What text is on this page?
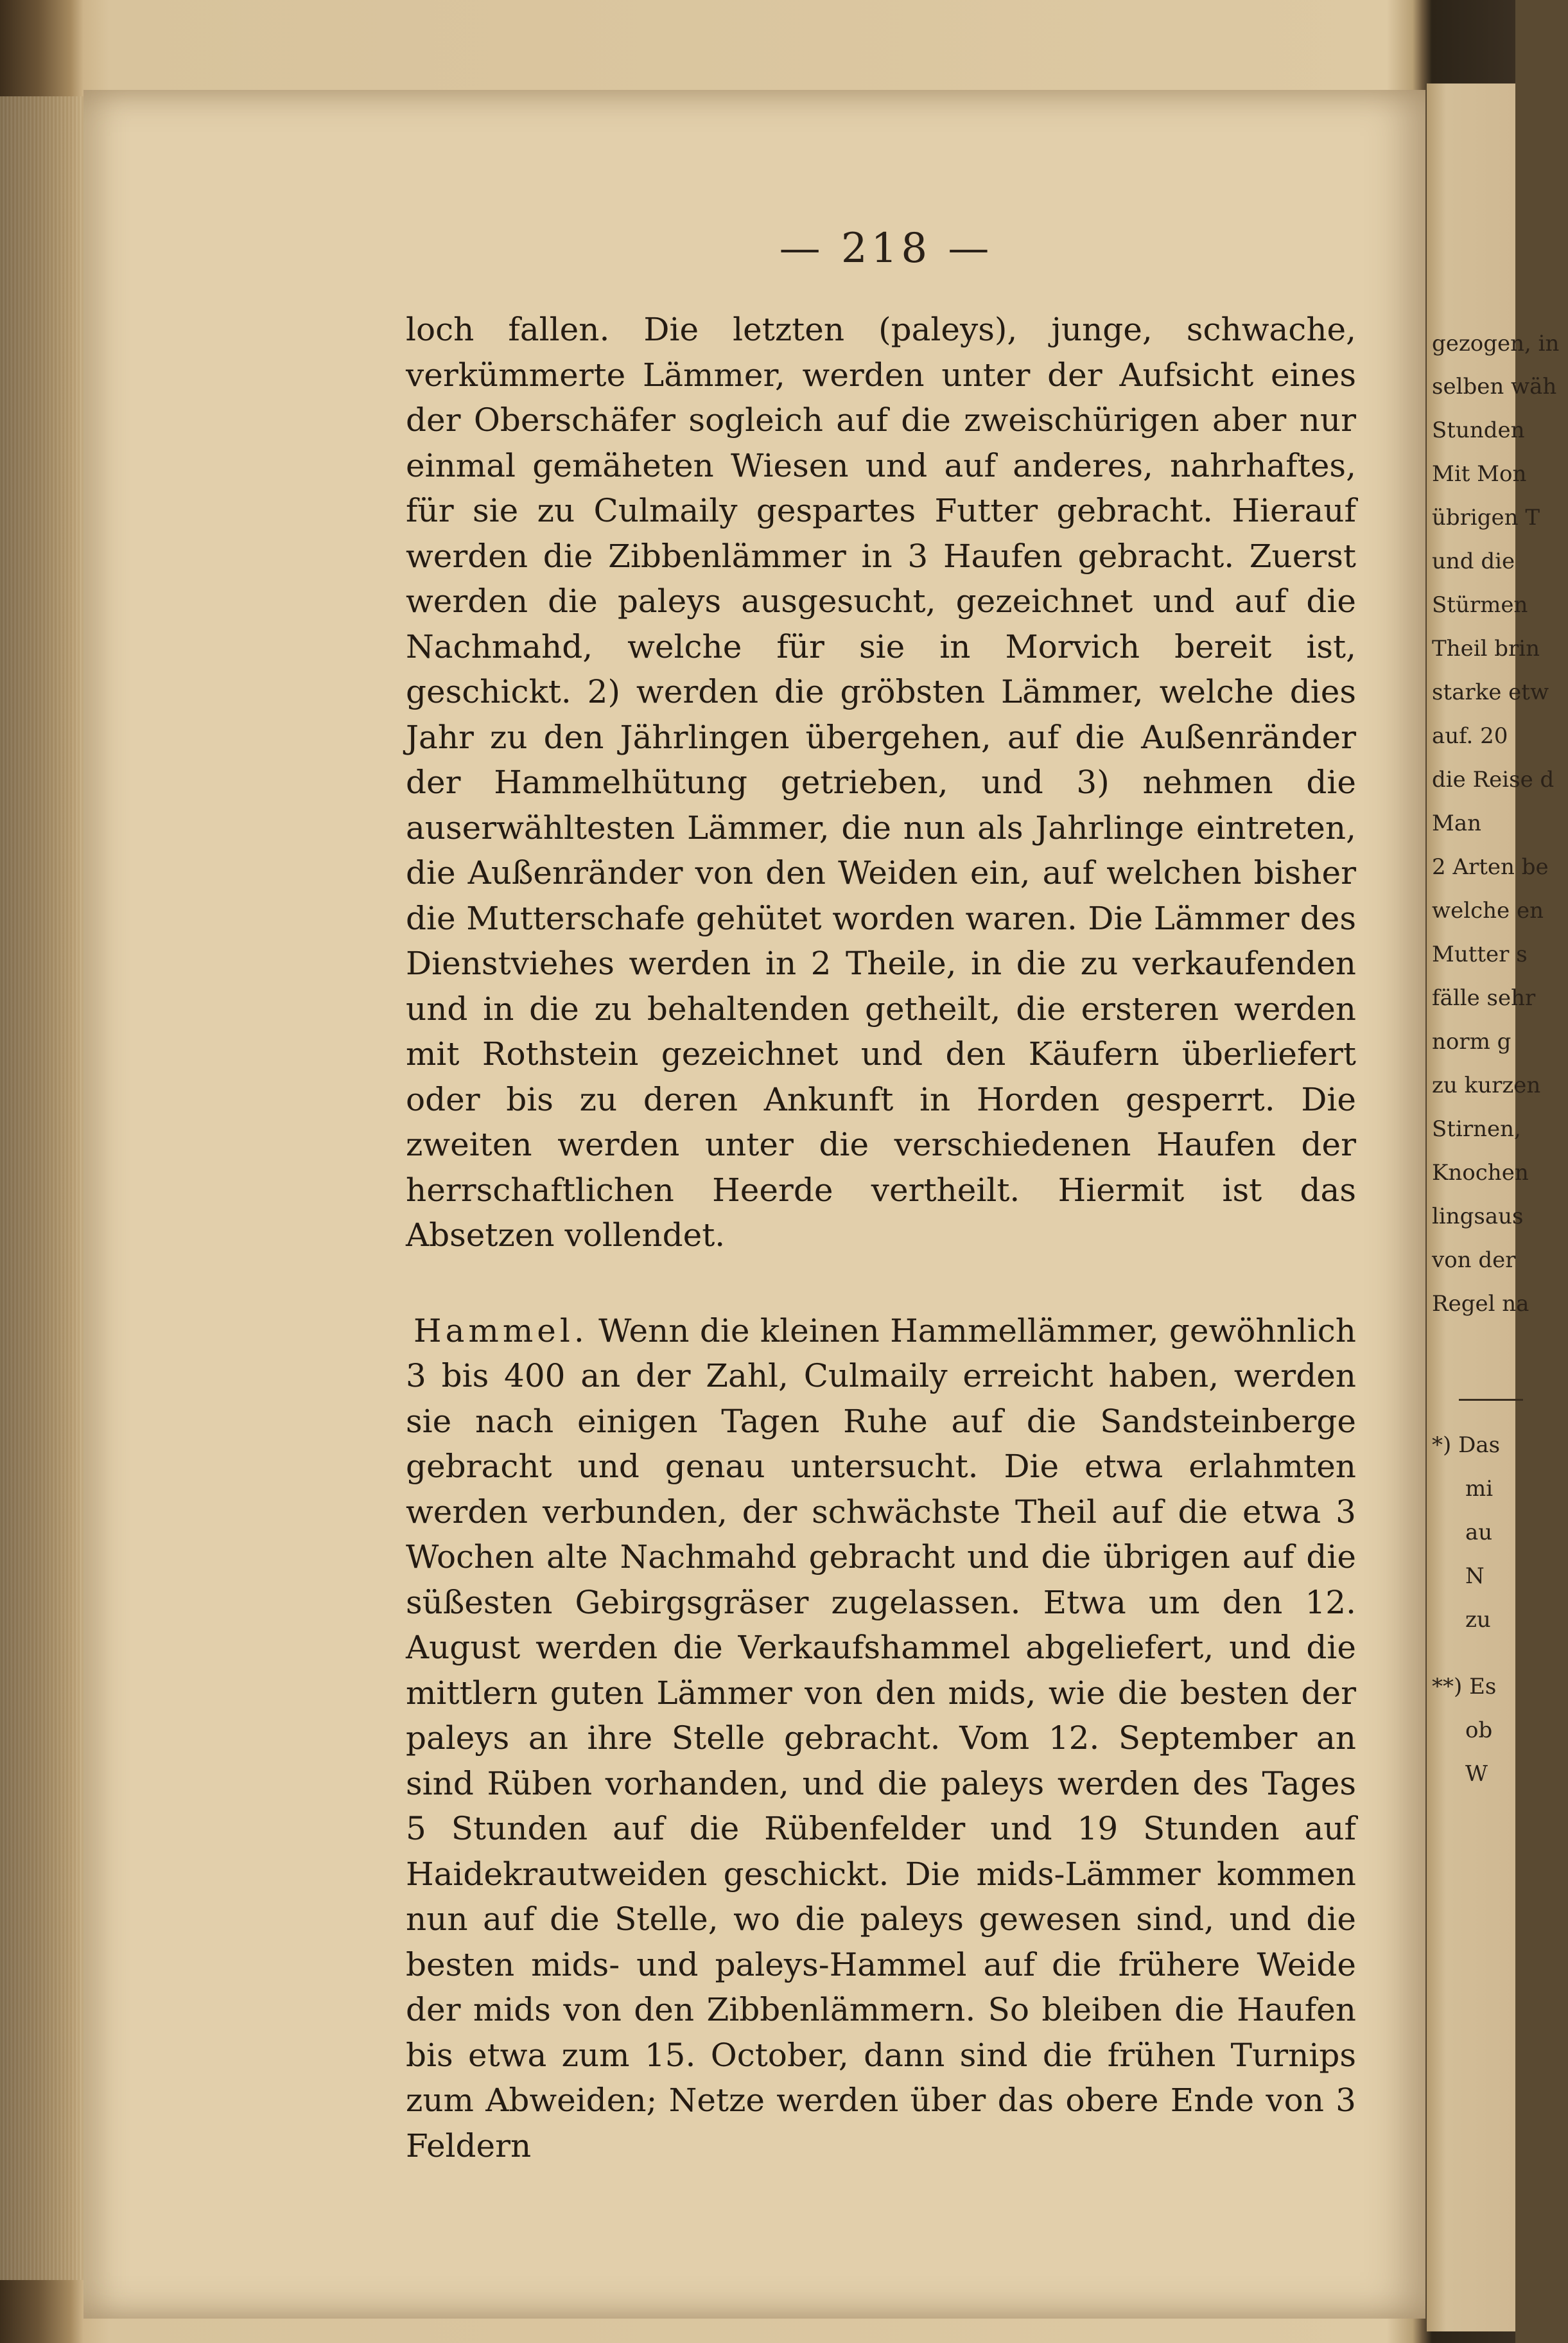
— 218 —

loch fallen. Die letzten (paleys), junge, schwache, verkümmerte Lämmer, werden unter der Aufsicht eines der Oberschäfer sogleich auf die zweischürigen aber nur einmal gemäheten Wiesen und auf anderes, nahrhaftes, für sie zu Culmaily gespartes Futter gebracht. Hierauf werden die Zibbenlämmer in 3 Haufen gebracht. Zuerst werden die paleys ausgesucht, gezeichnet und auf die Nachmahd, welche für sie in Morvich bereit ist, geschickt. 2) werden die gröbsten Lämmer, welche dies Jahr zu den Jährlingen übergehen, auf die Außenränder der Hammelhütung getrieben, und 3) nehmen die auserwähltesten Lämmer, die nun als Jahrlinge eintreten, die Außenränder von den Weiden ein, auf welchen bisher die Mutterschafe gehütet worden waren. Die Lämmer des Dienstviehes werden in 2 Theile, in die zu verkaufenden und in die zu behaltenden getheilt, die ersteren werden mit Rothstein gezeichnet und den Käufern überliefert oder bis zu deren Ankunft in Horden gesperrt. Die zweiten werden unter die verschiedenen Haufen der herrschaftlichen Heerde vertheilt. Hiermit ist das Absetzen vollendet.

Hammel. Wenn die kleinen Hammellämmer, gewöhnlich 3 bis 400 an der Zahl, Culmaily erreicht haben, werden sie nach einigen Tagen Ruhe auf die Sandsteinberge gebracht und genau untersucht. Die etwa erlahmten werden verbunden, der schwächste Theil auf die etwa 3 Wochen alte Nachmahd gebracht und die übrigen auf die süßesten Gebirgsgräser zugelassen. Etwa um den 12. August werden die Verkaufshammel abgeliefert, und die mittlern guten Lämmer von den mids, wie die besten der paleys an ihre Stelle gebracht. Vom 12. September an sind Rüben vorhanden, und die paleys werden des Tages 5 Stunden auf die Rübenfelder und 19 Stunden auf Haidekrautweiden geschickt. Die mids-Lämmer kommen nun auf die Stelle, wo die paleys gewesen sind, und die besten mids- und paleys-Hammel auf die frühere Weide der mids von den Zibbenlämmern. So bleiben die Haufen bis etwa zum 15. October, dann sind die frühen Turnips zum Abweiden; Netze werden über das obere Ende von 3 Feldern

gezogen, in
selben wäh
Stunden
Mit Mon
übrigen T
und die
Stürmen
Theil brin
starke etw
auf. 20
die Reise d
Man
2 Arten be
welche en
Mutter s
fälle sehr
norm g
zu kurzen
Stirnen,
Knochen
lingsaus
von der
Regel na
*) Das
mi
au
N
zu
**) Es
ob
W
